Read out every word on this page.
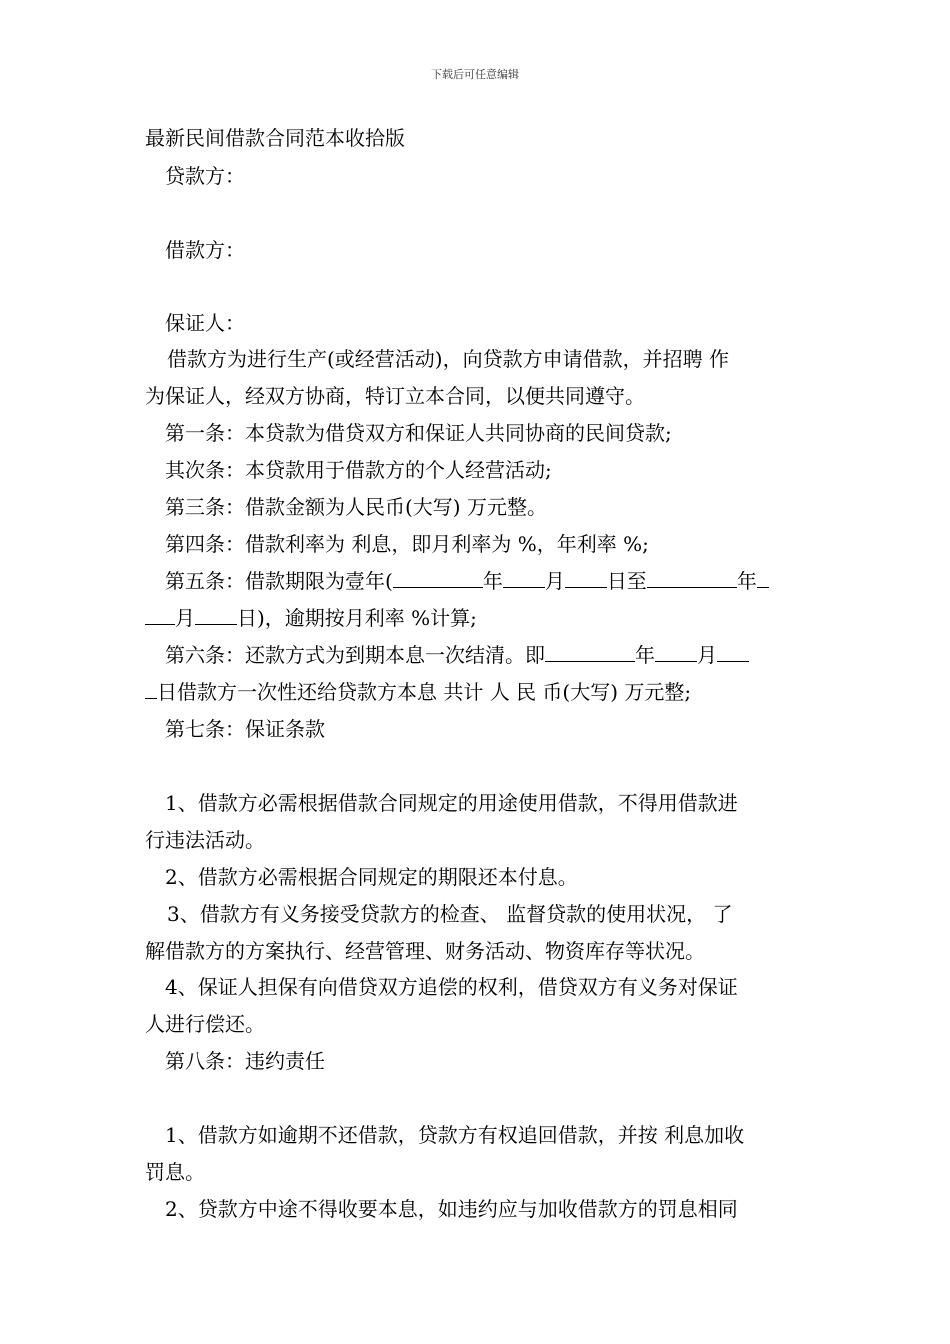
下载后可任意编辑
最新民间借款合同范本收拾版
贷款方：
借款方：
保证人：
借款方为进行生产(或经营活动)，向贷款方申请借款，并招聘 作
为保证人，经双方协商，特订立本合同，以便共同遵守。
第一条：本贷款为借贷双方和保证人共同协商的民间贷款;
其次条：本贷款用于借款方的个人经营活动;
第三条：借款金额为人民币(大写) 万元整。
第四条：借款利率为 利息，即月利率为 %，年利率 %;
第五条：借款期限为壹年(	年 月 日至	年
月 日)，逾期按月利率 %计算;
第六条：还款方式为到期本息一次结清。即	年 月
日借款方一次性还给贷款方本息 共计 人 民 币(大写) 万元整;
第七条：保证条款
1、借款方必需根据借款合同规定的用途使用借款，不得用借款进
行违法活动。
2、借款方必需根据合同规定的期限还本付息。
3、借款方有义务接受贷款方的检查、 监督贷款的使用状况， 了
解借款方的方案执行、经营管理、财务活动、物资库存等状况。
4、保证人担保有向借贷双方追偿的权利，借贷双方有义务对保证
人进行偿还。
第八条：违约责任
1、借款方如逾期不还借款，贷款方有权追回借款，并按 利息加收
罚息。
2、贷款方中途不得收要本息，如违约应与加收借款方的罚息相同
